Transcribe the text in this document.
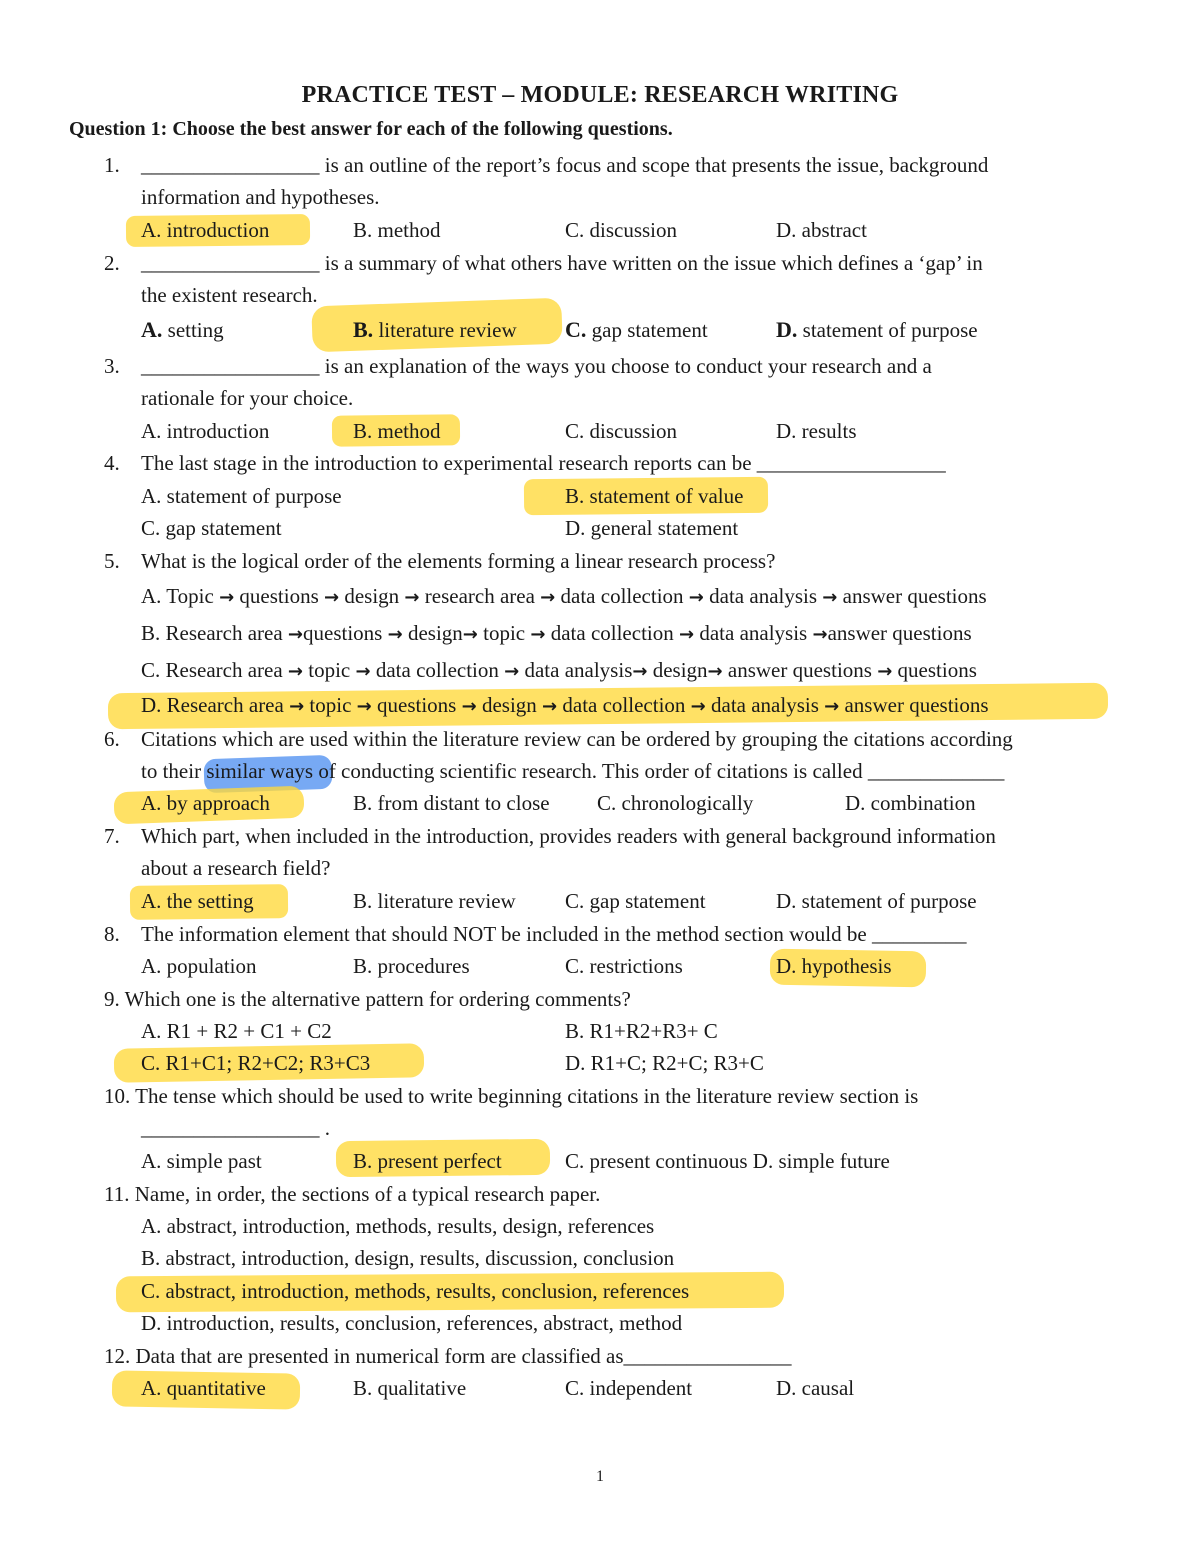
PRACTICE TEST – MODULE: RESEARCH WRITING
Question 1: Choose the best answer for each of the following questions.
1. _________________ is an outline of the report’s focus and scope that presents the issue, background
information and hypotheses.
A. introduction	B. method	C. discussion	D. abstract
2. _________________ is a summary of what others have written on the issue which defines a ‘gap’ in
the existent research.
A. setting	B. literature review C. gap statement	D. statement of purpose
3. _________________ is an explanation of the ways you choose to conduct your research and a
rationale for your choice.
A. introduction	B. method	C. discussion	D. results
4. The last stage in the introduction to experimental research reports can be __________________
A. statement of purpose	B. statement of value
C. gap statement	D. general statement
5. What is the logical order of the elements forming a linear research process?
A. Topic → questions → design → research area → data collection → data analysis → answer questions
B. Research area →questions → design→ topic → data collection → data analysis →answer questions
C. Research area → topic → data collection → data analysis→ design→ answer questions → questions
D. Research area → topic → questions → design → data collection → data analysis → answer questions
6. Citations which are used within the literature review can be ordered by grouping the citations according
to their similar ways of conducting scientific research. This order of citations is called _____________
A. by approach	B. from distant to close C. chronologically	D. combination
7. Which part, when included in the introduction, provides readers with general background information
about a research field?
A. the setting	B. literature review C. gap statement	D. statement of purpose
8. The information element that should NOT be included in the method section would be _________
A. population	B. procedures	C. restrictions	D. hypothesis
9. Which one is the alternative pattern for ordering comments?
A. R1 + R2 + C1 + C2	B. R1+R2+R3+ C
C. R1+C1; R2+C2; R3+C3	D. R1+C; R2+C; R3+C
10. The tense which should be used to write beginning citations in the literature review section is
_________________ .
A. simple past	B. present perfect	C. present continuous D. simple future
11. Name, in order, the sections of a typical research paper.
A. abstract, introduction, methods, results, design, references
B. abstract, introduction, design, results, discussion, conclusion
C. abstract, introduction, methods, results, conclusion, references
D. introduction, results, conclusion, references, abstract, method
12. Data that are presented in numerical form are classified as________________
A. quantitative	B. qualitative	C. independent	D. causal
1
